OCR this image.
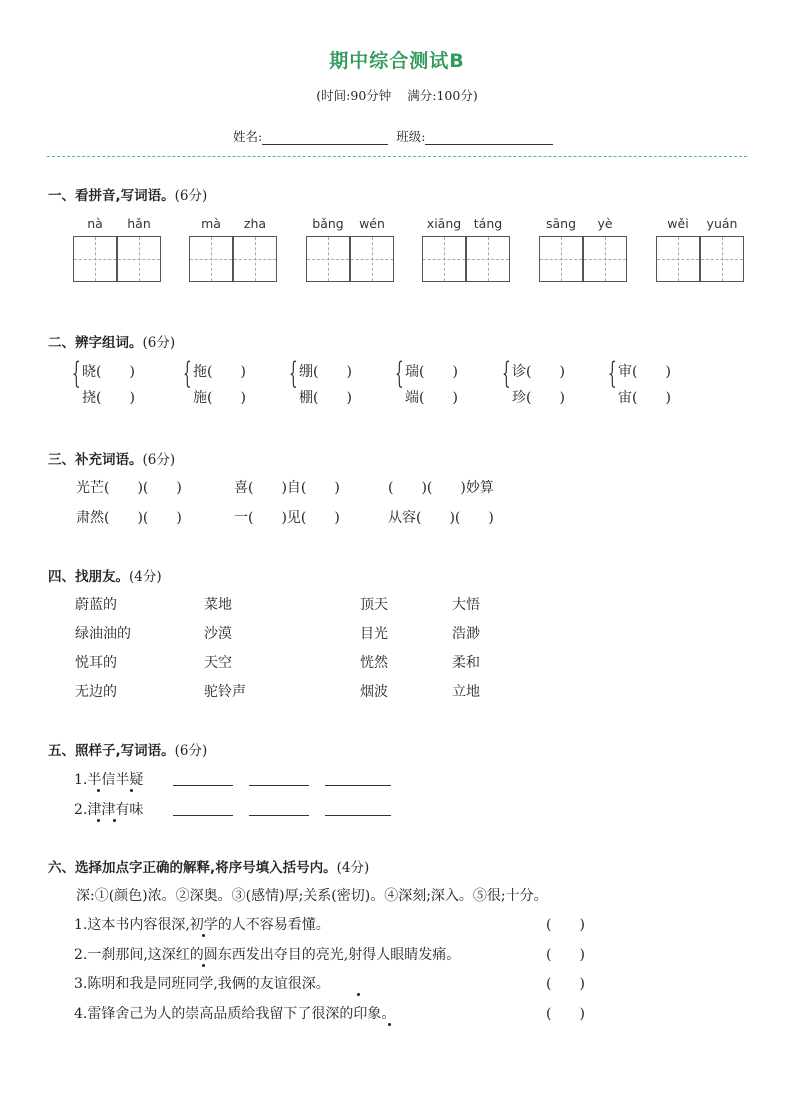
期中综合测试B
(时间:90分钟 满分:100分)
姓名:	班级:
一、看拼音,写词语。(6分)
nà	hǎn	mà	zha	bǎng	wén	xiāng	táng	sāng	yè	wěi	yuán
二、辨字组词。(6分)
{ 晓(　　)
挠(　　)
{ 拖(　　)
施(　　)
{ 绷(　　)
棚(　　)
{ 瑞(　　)
端(　　)
{ 诊(　　)
珍(　　)
{ 审(　　)
宙(　　)
三、补充词语。(6分)
光芒(　　)(　　)	喜(　　)自(　　)	(　　)(　　)妙算
肃然(　　)(　　)	一(　　)见(　　)	从容(　　)(　　)
四、找朋友。(4分)
蔚蓝的	菜地	顶天	大悟
绿油油的	沙漠	目光	浩渺
悦耳的	天空	恍然	柔和
无边的	驼铃声	烟波	立地
五、照样子,写词语。(6分)
1.半信半疑
2.津津有味
六、选择加点字正确的解释,将序号填入括号内。(4分)
深:①(颜色)浓。②深奥。③(感情)厚;关系(密切)。④深刻;深入。⑤很;十分。
1.这本书内容很深,初学的人不容易看懂。	(　　)
2.一刹那间,这深红的圆东西发出夺目的亮光,射得人眼睛发痛。	(　　)
3.陈明和我是同班同学,我俩的友谊很深。	(　　)
4.雷锋舍己为人的崇高品质给我留下了很深的印象。	(　　)
